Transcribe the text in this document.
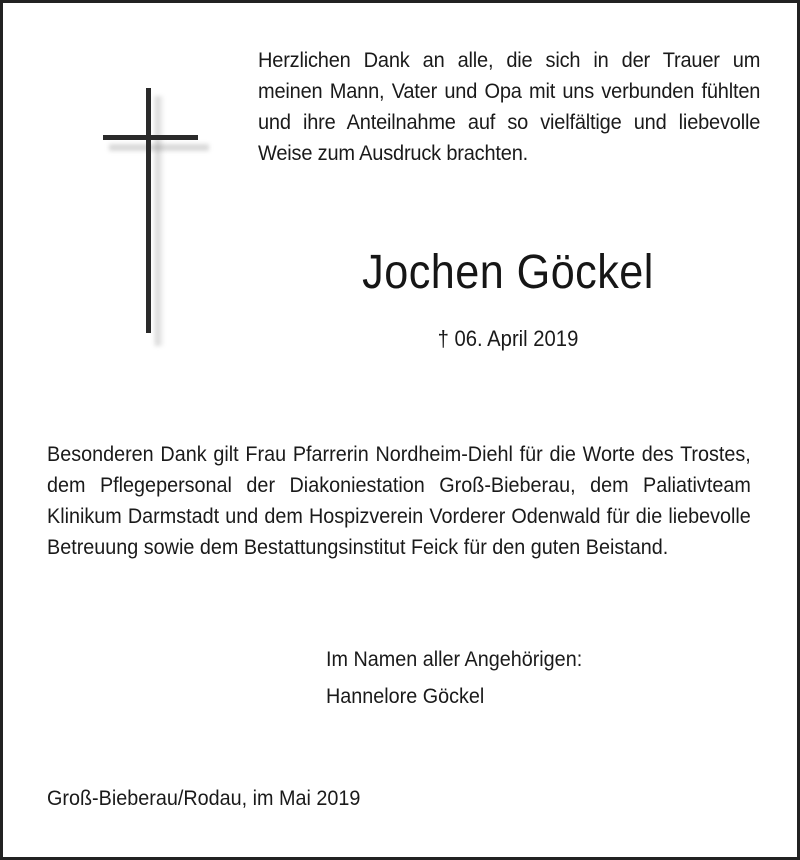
Herzlichen Dank an alle, die sich in der Trauer um meinen Mann, Vater und Opa mit uns verbunden fühlten und ihre Anteilnahme auf so vielfältige und liebevolle Weise zum Ausdruck brachten.
Jochen Göckel
† 06. April 2019
Besonderen Dank gilt Frau Pfarrerin Nordheim-Diehl für die Worte des Trostes, dem Pflegepersonal der Diakoniestation Groß-Bieberau, dem Paliativteam Klinikum Darmstadt und dem Hospizverein Vorderer Odenwald für die liebevolle Betreuung sowie dem Bestattungsinstitut Feick für den guten Beistand.
Im Namen aller Angehörigen:
Hannelore Göckel
Groß-Bieberau/Rodau, im Mai 2019
